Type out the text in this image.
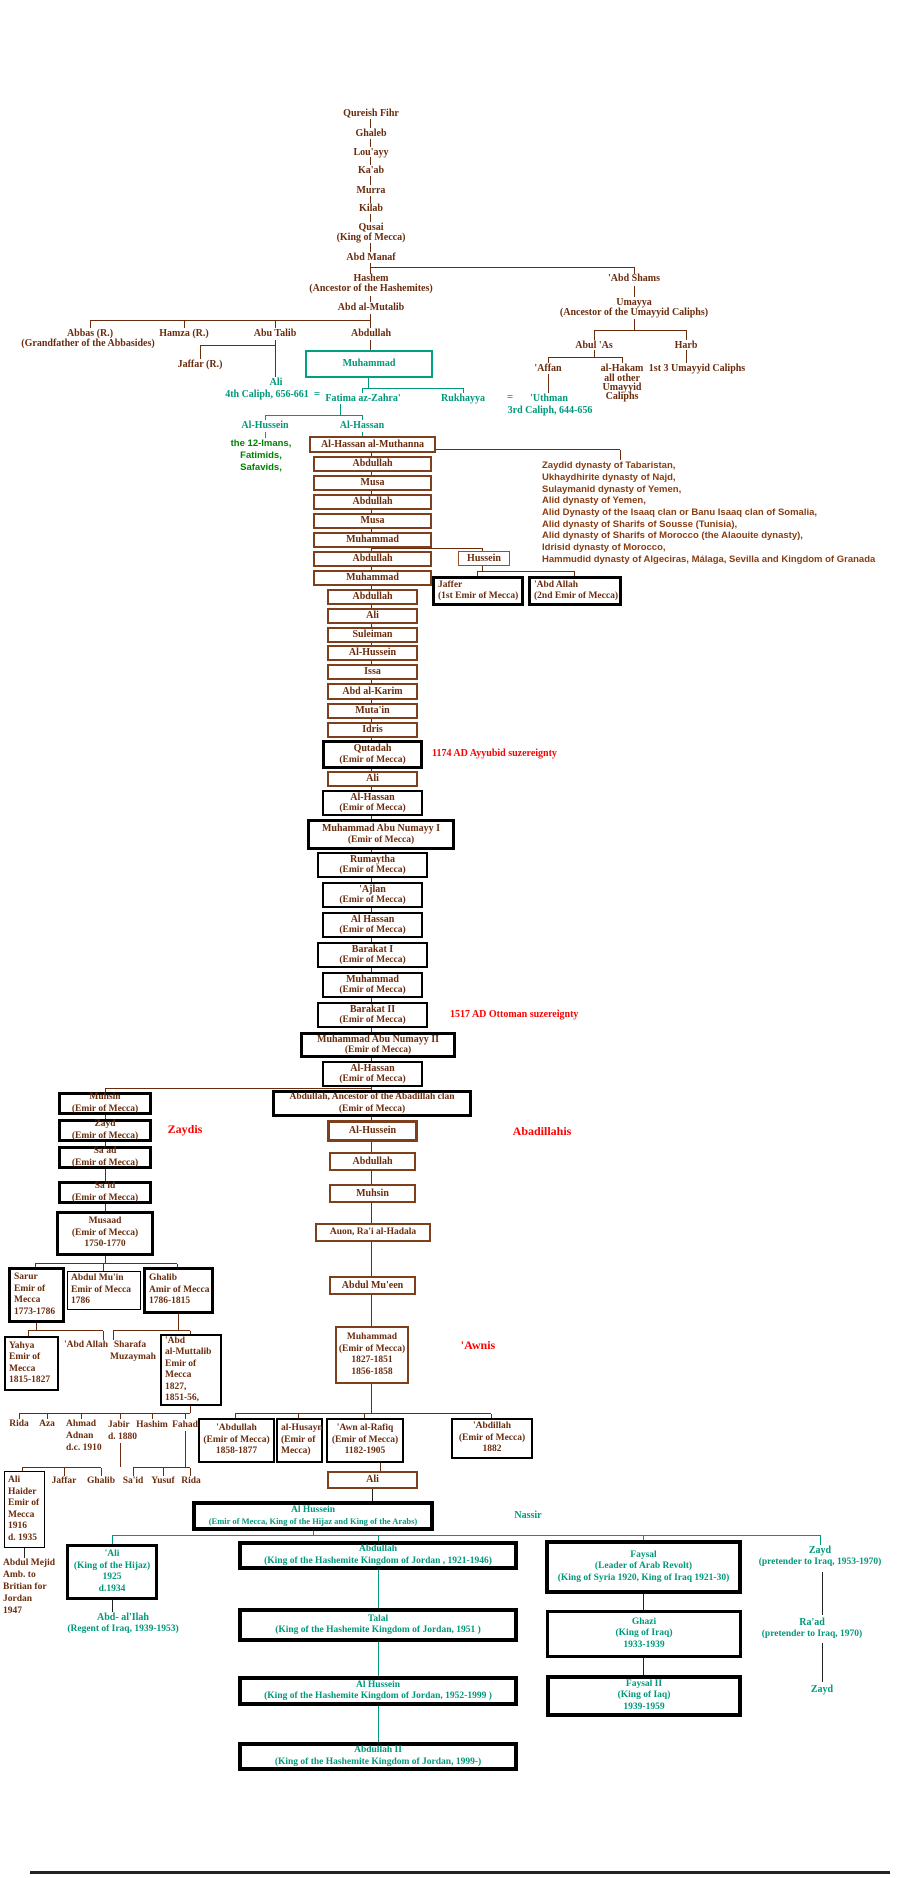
Qureish Fihr
Ghaleb
Lou'ayy
Ka'ab
Murra
Kilab
Qusai
(King of Mecca)
Abd Manaf
Hashem
(Ancestor of the Hashemites)
'Abd Shams
Abd al-Mutalib	Umayya
(Ancestor of the Umayyid Caliphs)
Abbas (R.)
(Grandfather of the Abbasides)
Hamza (R.)	Abu Talib	Abdullah
Jaffar (R.)
Abul 'As	Harb
'Affan	al-Hakam
all other
Umayyid
Caliphs
1st 3 Umayyid Caliphs
'Uthman
3rd Caliph, 644-656
Muhammad
Ali
4th Caliph, 656-661 = Fatima az-Zahra'	Rukhayya =
Al-Hussein	Al-Hassan
the 12-Imans,
Fatimids,
Safavids,	Zaydid dynasty of Tabaristan,
Ukhaydhirite dynasty of Najd,
Sulaymanid dynasty of Yemen,
Alid dynasty of Yemen,
Alid Dynasty of the Isaaq clan or Banu Isaaq clan of Somalia,
Alid dynasty of Sharifs of Sousse (Tunisia),
Alid dynasty of Sharifs of Morocco (the Alaouite dynasty),
Idrisid dynasty of Morocco,
Hammudid dynasty of Algeciras, Málaga, Sevilla and Kingdom of Granada
Al-Hassan al-Muthanna
Abdullah
Musa
Abdullah
Musa
Muhammad
Abdullah
Muhammad
Abdullah
Ali
Suleiman
Al-Hussein
Issa
Abd al-Karim
Muta'in
Idris
Qutadah
(Emir of Mecca)
Ali
Al-Hassan
(Emir of Mecca)
Muhammad Abu Numayy I
(Emir of Mecca)
Rumaytha
(Emir of Mecca)
'Ajlan
(Emir of Mecca)
Al Hassan
(Emir of Mecca)
Barakat I
(Emir of Mecca)
Muhammad
(Emir of Mecca)
Barakat II
(Emir of Mecca)
Muhammad Abu Numayy II
(Emir of Mecca)
Al-Hassan
(Emir of Mecca)
Abdullah, Ancestor of the Abadillah clan
(Emir of Mecca)
Al-Hussein
Abdullah
Muhsin
Auon, Ra'i al-Hadala
Abdul Mu'een
Muhammad
(Emir of Mecca)
1827-1851
1856-1858
Hussein
Jaffer
(1st Emir of Mecca)
'Abd Allah
(2nd Emir of Mecca)
1174 AD Ayyubid suzereignty
1517 AD Ottoman suzereignty
Zaydis	Abadillahis
'Awnis
Muhsin
(Emir of Mecca)
Zayd
(Emir of Mecca)
Sa'ad
(Emir of Mecca)
Sa'id
(Emir of Mecca)
Musaad
(Emir of Mecca)
1750-1770
Sarur
Emir of
Mecca
1773-1786
Abdul Mu'in
Emir of Mecca
1786
Ghalib
Amir of Mecca
1786-1815
Yahya
Emir of
Mecca
1815-1827
'Abd Allah Sharafa
Muzaymah
'Abd
al-Muttalib
Emir of
Mecca
1827,
1851-56,
Rida Aza Ahmad
Adnan
d.c. 1910
Jabir
d. 1880
Hashim Fahad
Jaffar Ghalib Sa'id Yusuf Rida
Ali
Haider
Emir of
Mecca
1916
d. 1935
Abdul Mejid
Amb. to
Britian for
Jordan
1947
'Abdullah
(Emir of Mecca)
1858-1877
al-Husayn
(Emir of
Mecca)
'Awn al-Rafiq
(Emir of Mecca)
1182-1905
'Abdillah
(Emir of Mecca)
1882
Ali
Al Hussein
(Emir of Mecca, King of the Hijaz and King of the Arabs)	Nassir
'Ali
(King of the Hijaz)
1925
d.1934
Abd- al'Ilah
(Regent of Iraq, 1939-1953)
Abdullah
(King of the Hashemite Kingdom of Jordan , 1921-1946)
Talal
(King of the Hashemite Kingdom of Jordan, 1951 )
Al Hussein
(King of the Hashemite Kingdom of Jordan, 1952-1999 )
Abdullah II
(King of the Hashemite Kingdom of Jordan, 1999-)
Faysal
(Leader of Arab Revolt)
(King of Syria 1920, King of Iraq 1921-30)
Ghazi
(King of Iraq)
1933-1939
Faysal II
(King of Iaq)
1939-1959
Zayd
(pretender to Iraq, 1953-1970)
Ra'ad
(pretender to Iraq, 1970)
Zayd
